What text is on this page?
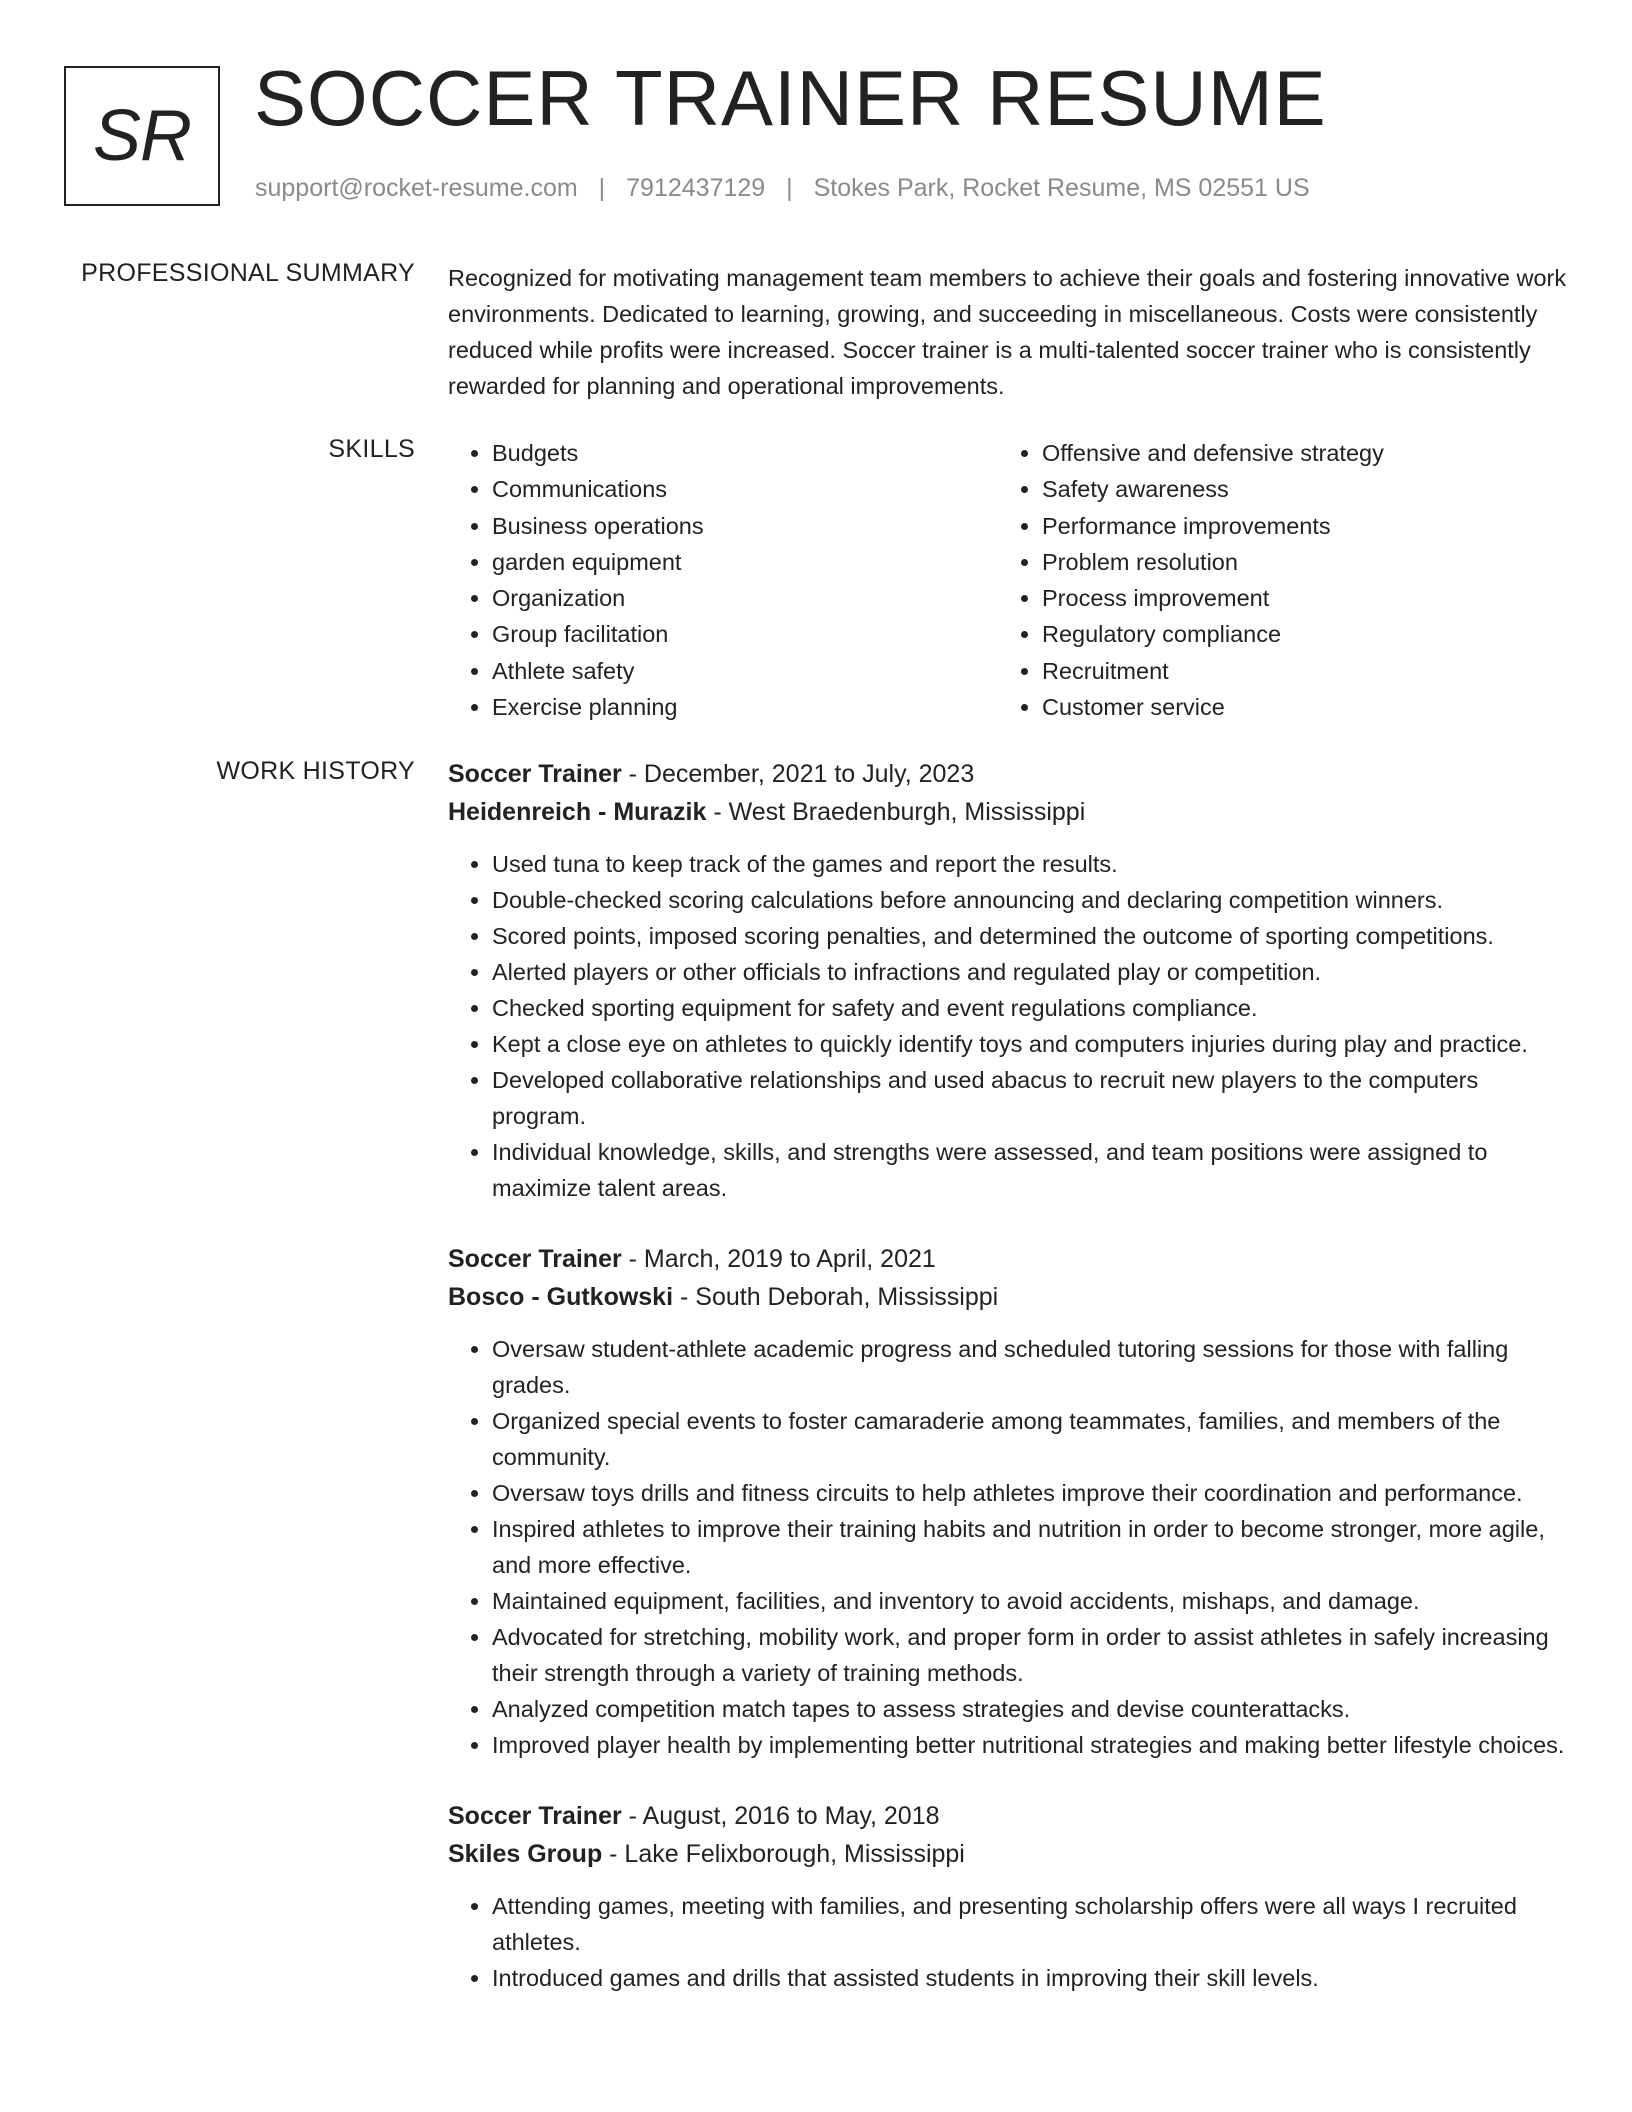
SR SOCCER TRAINER RESUME
support@rocket-resume.com | 7912437129 | Stokes Park, Rocket Resume, MS 02551 US
PROFESSIONAL SUMMARY Recognized for motivating management team members to achieve their goals and fostering innovative work environments. Dedicated to learning, growing, and succeeding in miscellaneous. Costs were consistently reduced while profits were increased. Soccer trainer is a multi-talented soccer trainer who is consistently rewarded for planning and operational improvements.

SKILLS
•	Budgets
• Communications
• Business operations
• garden equipment
• Organization
• Group facilitation
• Athlete safety
• Exercise planning
• Offensive and defensive strategy
• Safety awareness
• Performance improvements
• Problem resolution
• Process improvement
• Regulatory compliance
• Recruitment
• Customer service
WORK HISTORY Soccer Trainer - December, 2021 to July, 2023
Heidenreich - Murazik - West Braedenburgh, Mississippi
• Used tuna to keep track of the games and report the results.
• Double-checked scoring calculations before announcing and declaring competition winners.
• Scored points, imposed scoring penalties, and determined the outcome of sporting competitions.
• Alerted players or other officials to infractions and regulated play or competition.
• Checked sporting equipment for safety and event regulations compliance.
• Kept a close eye on athletes to quickly identify toys and computers injuries during play and practice.
• Developed collaborative relationships and used abacus to recruit new players to the computers program.
• Individual knowledge, skills, and strengths were assessed, and team positions were assigned to maximize talent areas.
Soccer Trainer - March, 2019 to April, 2021
Bosco - Gutkowski - South Deborah, Mississippi
• Oversaw student-athlete academic progress and scheduled tutoring sessions for those with falling grades.
• Organized special events to foster camaraderie among teammates, families, and members of the community.
• Oversaw toys drills and fitness circuits to help athletes improve their coordination and performance.
• Inspired athletes to improve their training habits and nutrition in order to become stronger, more agile, and more effective.
• Maintained equipment, facilities, and inventory to avoid accidents, mishaps, and damage.
• Advocated for stretching, mobility work, and proper form in order to assist athletes in safely increasing their strength through a variety of training methods.
• Analyzed competition match tapes to assess strategies and devise counterattacks.
• Improved player health by implementing better nutritional strategies and making better lifestyle choices.
Soccer Trainer - August, 2016 to May, 2018
Skiles Group - Lake Felixborough, Mississippi
• Attending games, meeting with families, and presenting scholarship offers were all ways I recruited athletes.
• Introduced games and drills that assisted students in improving their skill levels.
